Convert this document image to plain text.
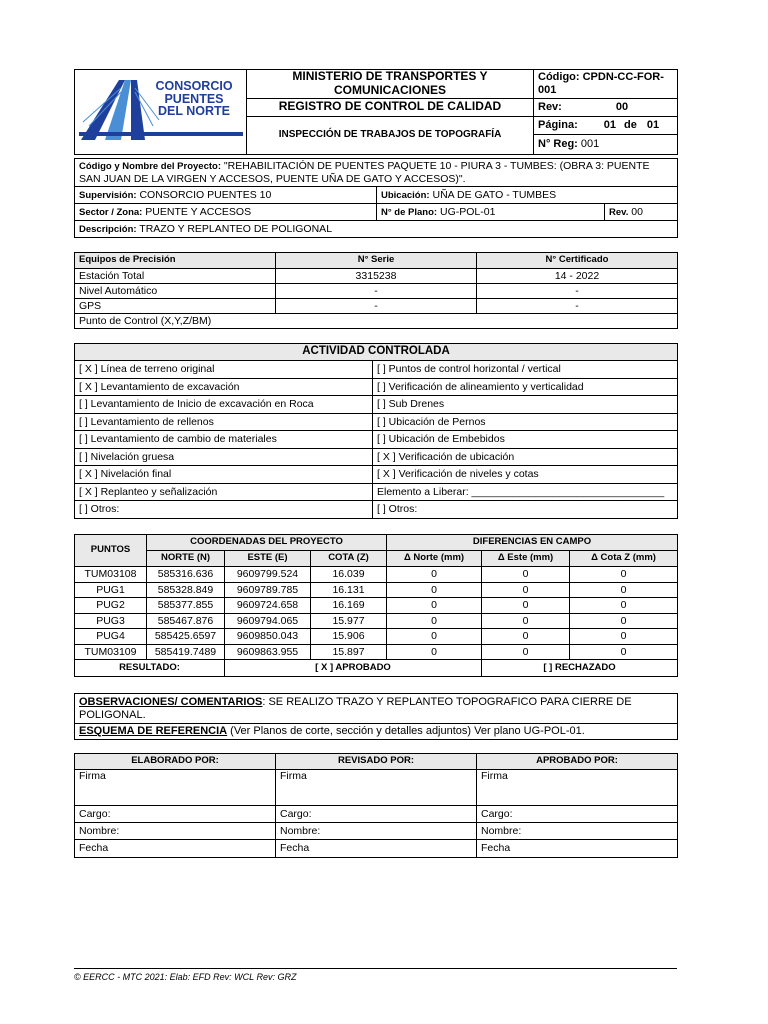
CONSORCIO
PUENTES
DEL NORTE	MINISTERIO DE TRANSPORTES Y COMUNICACIONES	Código: CPDN-CC-FOR-001
	REGISTRO DE CONTROL DE CALIDAD	Rev: 00
	INSPECCIÓN DE TRABAJOS DE TOPOGRAFÍA	Página: 01 de 01
		N° Reg: 001
Código y Nombre del Proyecto: "REHABILITACIÓN DE PUENTES PAQUETE 10 - PIURA 3 - TUMBES: (OBRA 3: PUENTE SAN JUAN DE LA VIRGEN Y ACCESOS, PUENTE UÑA DE GATO Y ACCESOS)".		
Supervisión: CONSORCIO PUENTES 10	Ubicación: UÑA DE GATO - TUMBES	
Sector / Zona: PUENTE Y ACCESOS	N° de Plano: UG-POL-01	Rev. 00
Descripción: TRAZO Y REPLANTEO DE POLIGONAL		
Equipos de Precisión	N° Serie	N° Certificado
Estación Total	3315238	14 - 2022
Nivel Automático	-	-
GPS	-	-
Punto de Control (X,Y,Z/BM)		
ACTIVIDAD CONTROLADA	
[ X ] Línea de terreno original	[ ] Puntos de control horizontal / vertical
[ X ] Levantamiento de excavación	[ ] Verificación de alineamiento y verticalidad
[ ] Levantamiento de Inicio de excavación en Roca	[ ] Sub Drenes
[ ] Levantamiento de rellenos	[ ] Ubicación de Pernos
[ ] Levantamiento de cambio de materiales	[ ] Ubicación de Embebidos
[ ] Nivelación gruesa	[ X ] Verificación de ubicación
[ X ] Nivelación final	[ X ] Verificación de niveles y cotas
[ X ] Replanteo y señalización	Elemento a Liberar: _________________________________
[ ] Otros:	[ ] Otros:
PUNTOS	COORDENADAS DEL PROYECTO			DIFERENCIAS EN CAMPO		
	NORTE (N)	ESTE (E)	COTA (Z)	Δ Norte (mm)	Δ Este (mm)	Δ Cota Z (mm)
TUM03108	585316.636	9609799.524	16.039	0	0	0
PUG1	585328.849	9609789.785	16.131	0	0	0
PUG2	585377.855	9609724.658	16.169	0	0	0
PUG3	585467.876	9609794.065	15.977	0	0	0
PUG4	585425.6597	9609850.043	15.906	0	0	0
TUM03109	585419.7489	9609863.955	15.897	0	0	0
RESULTADO:		[ X ] APROBADO			[ ] RECHAZADO	
OBSERVACIONES/ COMENTARIOS: SE REALIZO TRAZO Y REPLANTEO TOPOGRAFICO PARA CIERRE DE POLIGONAL.
ESQUEMA DE REFERENCIA (Ver Planos de corte, sección y detalles adjuntos) Ver plano UG-POL-01.
ELABORADO POR:	REVISADO POR:	APROBADO POR:
Firma	Firma	Firma
Cargo:	Cargo:	Cargo:
Nombre:	Nombre:	Nombre:
Fecha	Fecha	Fecha
© EERCC - MTC 2021: Elab: EFD Rev: WCL Rev: GRZ
